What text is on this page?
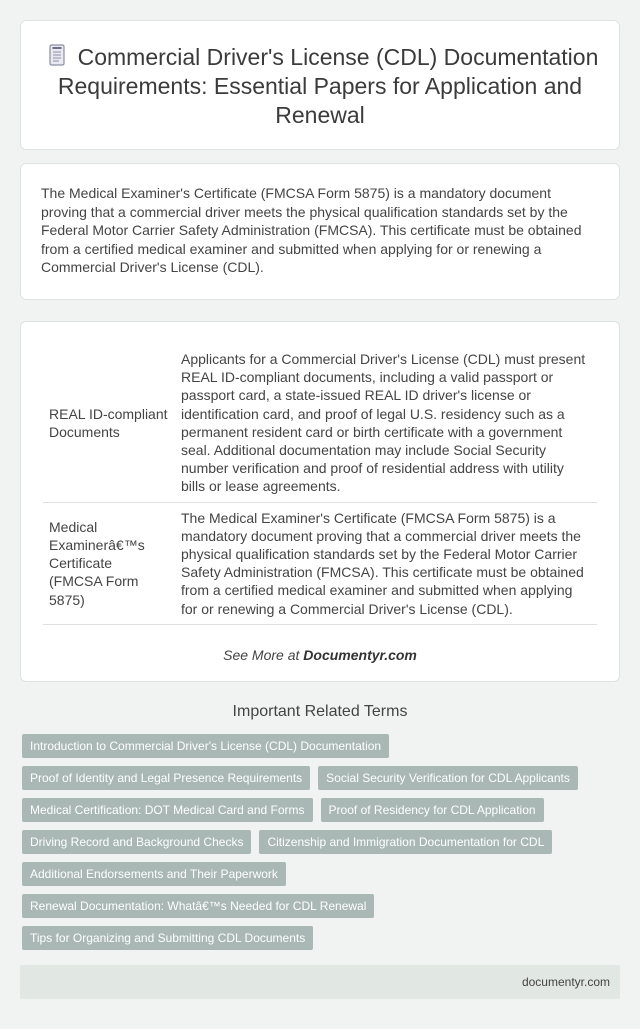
Commercial Driver's License (CDL) Documentation Requirements: Essential Papers for Application and Renewal

The Medical Examiner's Certificate (FMCSA Form 5875) is a mandatory document proving that a commercial driver meets the physical qualification standards set by the Federal Motor Carrier Safety Administration (FMCSA). This certificate must be obtained from a certified medical examiner and submitted when applying for or renewing a Commercial Driver's License (CDL).

REAL ID-compliant Documents	Applicants for a Commercial Driver's License (CDL) must present REAL ID-compliant documents, including a valid passport or passport card, a state-issued REAL ID driver's license or identification card, and proof of legal U.S. residency such as a permanent resident card or birth certificate with a government seal. Additional documentation may include Social Security number verification and proof of residential address with utility bills or lease agreements.
Medical Examinerâ€™s Certificate (FMCSA Form 5875)	The Medical Examiner's Certificate (FMCSA Form 5875) is a mandatory document proving that a commercial driver meets the physical qualification standards set by the Federal Motor Carrier Safety Administration (FMCSA). This certificate must be obtained from a certified medical examiner and submitted when applying for or renewing a Commercial Driver's License (CDL).
See More at Documentyr.com
Important Related Terms
Introduction to Commercial Driver's License (CDL) Documentation
Proof of Identity and Legal Presence Requirements	Social Security Verification for CDL Applicants
Medical Certification: DOT Medical Card and Forms	Proof of Residency for CDL Application
Driving Record and Background Checks	Citizenship and Immigration Documentation for CDL
Additional Endorsements and Their Paperwork
Renewal Documentation: Whatâ€™s Needed for CDL Renewal
Tips for Organizing and Submitting CDL Documents
documentyr.com
